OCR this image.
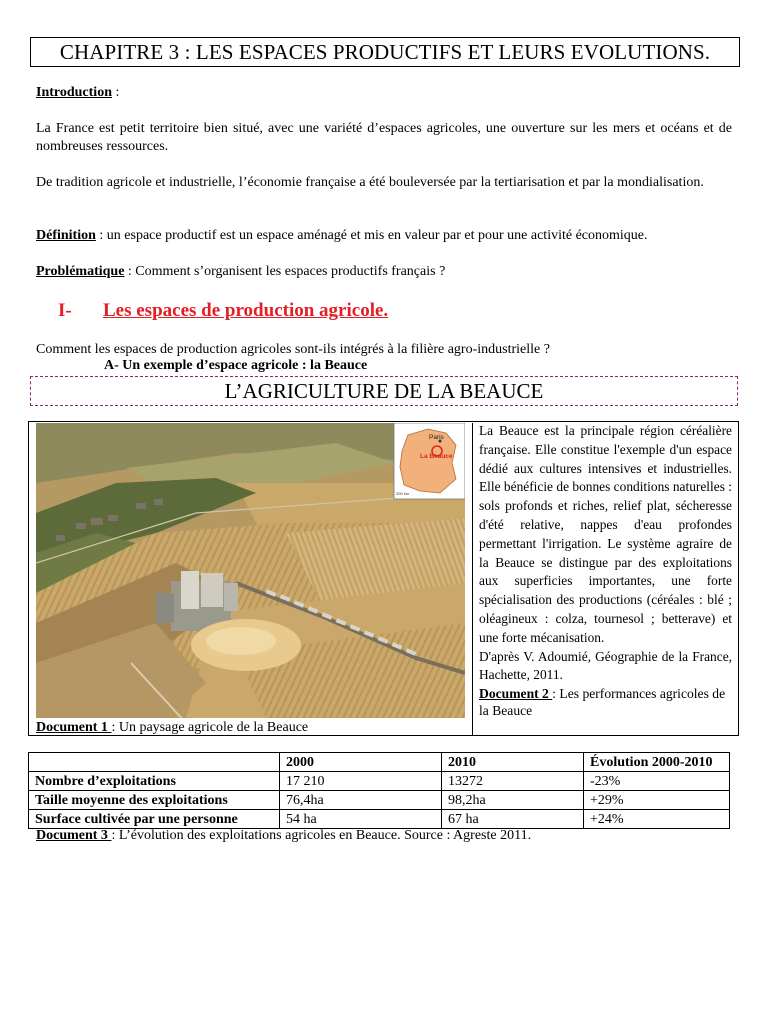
CHAPITRE 3 : LES ESPACES PRODUCTIFS ET LEURS EVOLUTIONS.
Introduction :
La France est petit territoire bien situé, avec une variété d’espaces agricoles, une ouverture sur les mers et océans et de nombreuses ressources.
De tradition agricole et industrielle, l’économie française a été bouleversée par la tertiarisation et par la mondialisation.
Définition : un espace productif est un espace aménagé et mis en valeur par et pour une activité économique.
Problématique : Comment s’organisent les espaces productifs français ?
I- Les espaces de production agricole.
Comment les espaces de production agricoles sont-ils intégrés à la filière agro-industrielle ?
A- Un exemple d’espace agricole : la Beauce
L’AGRICULTURE DE LA BEAUCE
Paris
La Beauce
200 km
Document 1 : Un paysage agricole de la Beauce
La Beauce est la principale région céréalière française. Elle constitue l'exemple d'un espace dédié aux cultures intensives et industrielles. Elle bénéficie de bonnes conditions naturelles : sols profonds et riches, relief plat, sécheresse d'été relative, nappes d'eau profondes permettant l'irrigation. Le système agraire de la Beauce se distingue par des exploitations aux superficies importantes, une forte spécialisation des productions (céréales : blé ; oléagineux : colza, tournesol ; betterave) et une forte mécanisation.
D'après V. Adoumié, Géographie de la France, Hachette, 2011.
Document 2 : Les performances agricoles de la Beauce
	2000	2010	Évolution 2000-2010
Nombre d’exploitations	17 210	13272	-23%
Taille moyenne des exploitations	76,4ha	98,2ha	+29%
Surface cultivée par une personne	54 ha	67 ha	+24%
Document 3 : L’évolution des exploitations agricoles en Beauce. Source : Agreste 2011.
